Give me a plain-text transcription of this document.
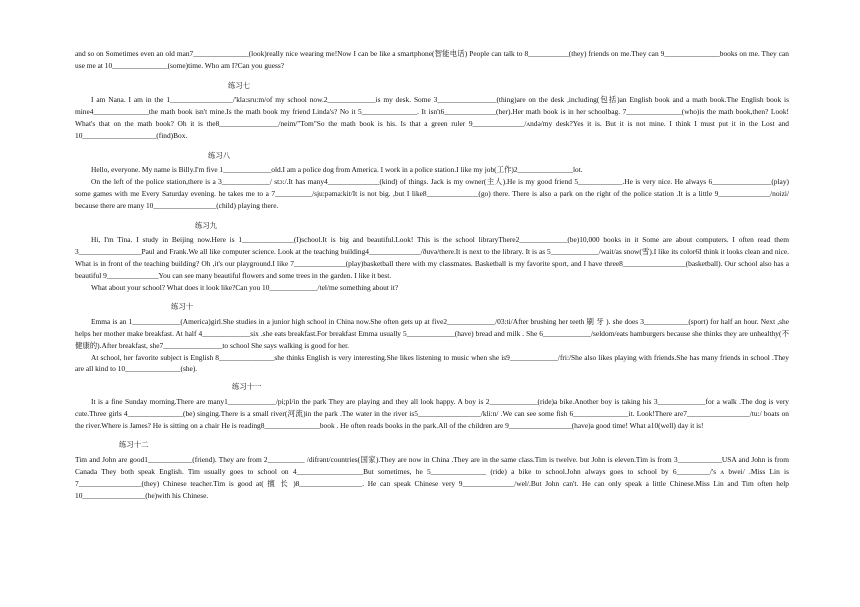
and so on Sometimes even an old man7_______________(look)really nice wearing me!Now I can be like a smartphone(智能电话) People can talk to 8___________(they) friends on me.They can 9_______________books on me. They can use me at 10_______________(some)time. Who am I?Can you guess?

练习七

I am Nana. I am in the 1_________________/'kla:sru:m/of my school now.2_____________is my desk. Some 3________________(thing)are on the desk ,including(包括)an English book and a math book.The English book is mine4_______________the math book isn't mine.Is the math book my friend Linda's? No it 5_______________. It isn't6______________(her).Her math book is in her schoolbag. 7_______________(who)is the math book,then? Look! What's that on the math book? Oh it is the8________________/neim/"Tom"So the math book is his. Is that a green ruler 9______________/ʌndə/my desk?Yes it is. But it is not mine. I think I must put it in the Lost and 10____________________(find)Box.

练习八

Hello, everyone. My name is Billy.I'm five 1_____________old.I am a police dog from America. I work in a police station.I like my job(工作)2_______________lot.

On the left of the police station,there is a 3_____________/ stɔ:/.It has many4______________(kind) of things. Jack is my owner(主人).He is my good friend 5____________.He is very nice. He always 6________________(play) some games with me Every Saturday evening. he takes me to a 7__________/sju:pəma:kit/It is not big. ,but I like8______________(go) there. There is also a park on the right of the police station .It is a little 9______________/noizi/ because there are many 10_________________(child) playing there.

练习九

Hi, I'm Tina. I study in Beijing now.Here is 1______________(I)school.It is big and beautiful.Look! This is the school libraryThere2_____________(be)10,000 books in it Some are about computers. I often read them 3_________________Paul and Frank.We all like computer science. Look at the teaching building4______________/ðuvə/there.It is next to the library. It is as 5_____________/wait/as snow(雪).I like its color6I think it looks clean and nice. What is in front of the teaching building? Oh ,it's our playground.I like 7______________(play)basketball there with my classmates. Basketball is my favorite sport, and I have three8_________________(basketball). Our school also has a beautiful 9______________You can see many beautiful flowers and some trees in the garden. I like it best.

What about your school? What does it look like?Can you 10_____________/tel/me something about it?

练习十

Emma is an 1_____________(America)girl.She studies in a junior high school in China now.She often gets up at five2_____________/03:ti/After brushing her teeth 刷 牙 ). she does 3____________(sport) for half an hour. Next ,she helps her mother make breakfast. At half 4_____________six .she eats breakfast.For breakfast Emma usually 5_____________(have) bread and milk . She 6_____________/seldom/eats hamburgers because she thinks they are unhealthy(不健康的).After breakfast, she7________________to school She says walking is good for her.

At school, her favorite subject is English 8_______________she thinks English is very interesting.She likes listening to music when she is9_____________/fri:/She also likes playing with friends.She has many friends in school .They are all kind to 10_______________(she).

练习十一

It is a fine Sunday morning.There are many1_____________/pi;pl/in the park They are playing and they all look happy. A boy is 2_____________(ride)a bike.Another boy is taking his 3_____________for a walk .The dog is very cute.Three girls 4_______________(be) singing.There is a small river(河流)in the park .The water in the river is5_________________/kli:n/ .We can see some fish 6_______________it. Look!There are7_________________/tu:/ boats on the river.Where is James? He is sitting on a chair He is reading8_______________book . He often reads books in the park.All of the children are 9_________________(have)a good time! What a10(well) day it is!

练习十二

Tim and John are good1____________(friend). They are from 2__________ /difrənt/countries(国家).They are now in China .They are in the same class.Tim is twelve. but John is eleven.Tim is from 3____________USA and John is from Canada They both speak English. Tim usually goes to school on 4__________________But sometimes, he 5_______________ (ride) a bike to school.John always goes to school by 6_________/'s ʌ bwei/ .Miss Lin is 7_________________(they) Chinese teacher.Tim is good at( 擅 长 )8_________________. He can speak Chinese very 9______________/wel/.But John can't. He can only speak a little Chinese.Miss Lin and Tim often help 10_________________(he)with his Chinese.
